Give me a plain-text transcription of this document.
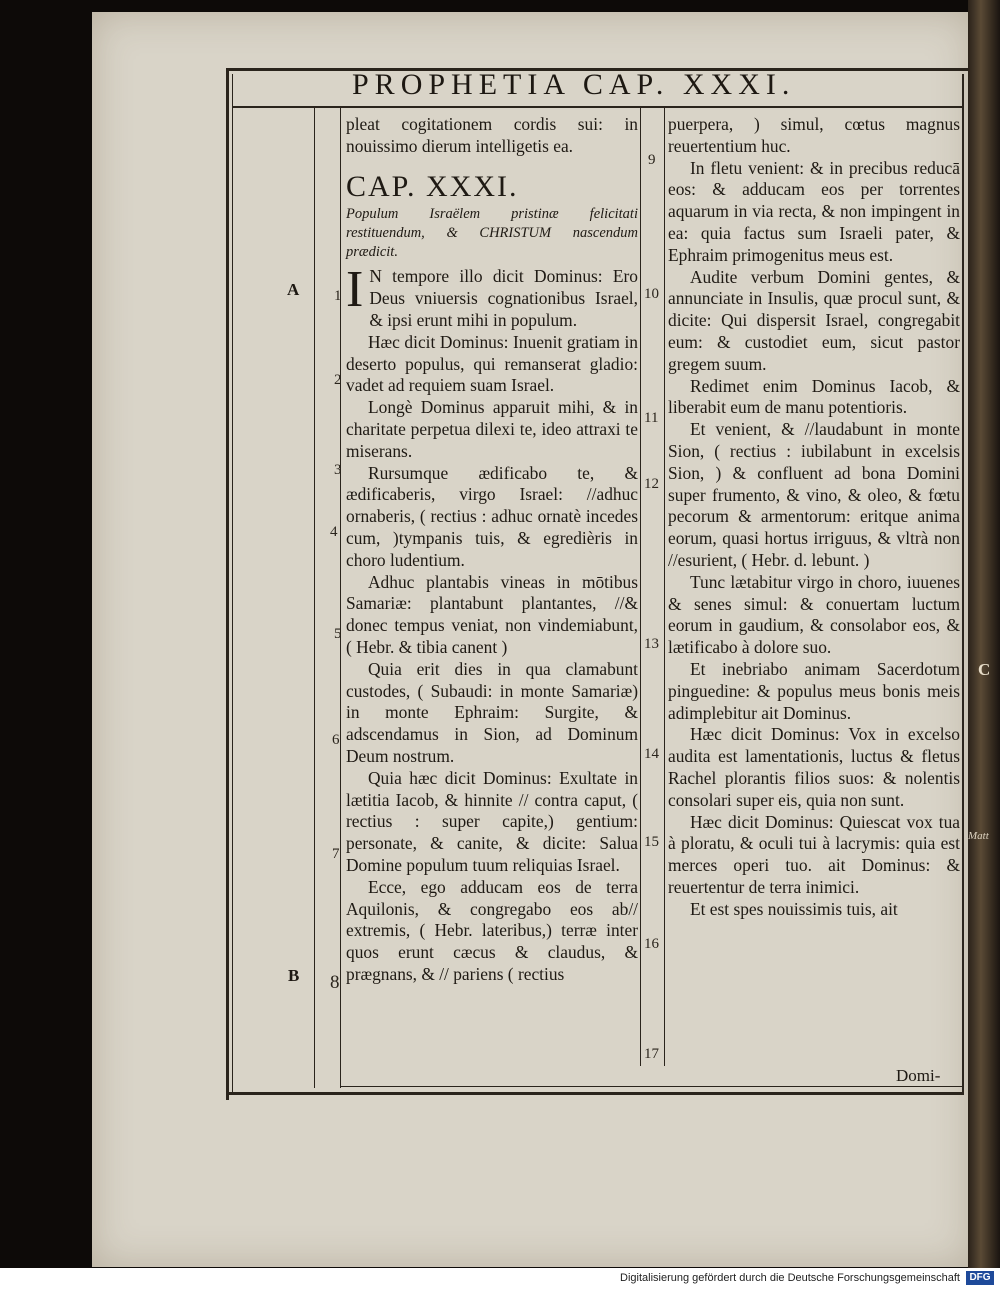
PROPHETIA CAP. XXXI.
A
B
C
1
2
3
4
5
6
7
8
9
10
11
12
13
14
15
16
17

pleat cogitationem cordis sui: in nouissimo dierum intelligetis ea.

CAP. XXXI.

Populum Israëlem pristinæ felicitati restituendum, & CHRISTUM nascendum prædicit.

I N tempore illo dicit Dominus: Ero Deus vniuersis cognationibus Israel, & ipsi erunt mihi in populum.

Hæc dicit Dominus: Inuenit gratiam in deserto populus, qui remanserat gladio: vadet ad requiem suam Israel.

Longè Dominus apparuit mihi, & in charitate perpetua dilexi te, ideo attraxi te miserans.

Rursumque ædificabo te, & ædificaberis, virgo Israel: //adhuc ornaberis, ( rectius : adhuc ornatè incedes cum, )tympanis tuis, & egredièris in choro ludentium.

Adhuc plantabis vineas in mōtibus Samariæ: plantabunt plantantes, //& donec tempus veniat, non vindemiabunt, ( Hebr. & tibia canent )

Quia erit dies in qua clamabunt custodes, ( Subaudi: in monte Samariæ) in monte Ephraim: Surgite, & adscendamus in Sion, ad Dominum Deum nostrum.

Quia hæc dicit Dominus: Exultate in lætitia Iacob, & hinnite // contra caput, ( rectius : super capite,) gentium: personate, & canite, & dicite: Salua Domine populum tuum reliquias Israel.

Ecce, ego adducam eos de terra Aquilonis, & congregabo eos ab// extremis, ( Hebr. lateribus,) terræ inter quos erunt cæcus & claudus, & prægnans, & // pariens ( rectius

puerpera, ) simul, cœtus magnus reuertentium huc.

In fletu venient: & in precibus reducā eos: & adducam eos per torrentes aquarum in via recta, & non impingent in ea: quia factus sum Israeli pater, & Ephraim primogenitus meus est.

Audite verbum Domini gentes, & annunciate in Insulis, quæ procul sunt, & dicite: Qui dispersit Israel, congregabit eum: & custodiet eum, sicut pastor gregem suum.

Redimet enim Dominus Iacob, & liberabit eum de manu potentioris.

Et venient, & //laudabunt in monte Sion, ( rectius : iubilabunt in excelsis Sion, ) & confluent ad bona Domini super frumento, & vino, & oleo, & fœtu pecorum & armentorum: eritque anima eorum, quasi hortus irriguus, & vltrà non //esurient, ( Hebr. d. lebunt. )

Tunc lætabitur virgo in choro, iuuenes & senes simul: & conuertam luctum eorum in gaudium, & consolabor eos, & lætificabo à dolore suo.

Et inebriabo animam Sacerdotum pinguedine: & populus meus bonis meis adimplebitur ait Dominus.

Hæc dicit Dominus: Vox in excelso audita est lamentationis, luctus & fletus Rachel plorantis filios suos: & nolentis consolari super eis, quia non sunt.

Hæc dicit Dominus: Quiescat vox tua à ploratu, & oculi tui à lacrymis: quia est merces operi tuo. ait Dominus: & reuertentur de terra inimici.

Et est spes nouissimis tuis, ait

Domi-
Matt
Digitalisierung gefördert durch die Deutsche Forschungsgemeinschaft DFG
